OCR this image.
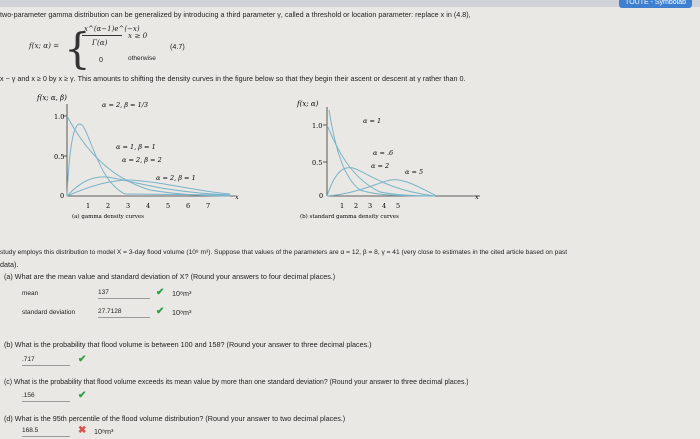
TOUTE - Symbolab
two-parameter gamma distribution can be generalized by introducing a third parameter γ, called a threshold or location parameter: replace x in (4.8),
f(x; α) = {
x^(α−1)e^(−x)
Γ(α)
x ≥ 0
0	otherwise
(4.7)
x − γ and x ≥ 0 by x ≥ γ. This amounts to shifting the density curves in the figure below so that they begin their ascent or descent at γ rather than 0.
f(x; α, β)
1.0
0.5
0
1 2 3 4 5 6 7
x
α = 2, β = 1/3
α = 1, β = 1
α = 2, β = 2
α = 2, β = 1
(a) gamma density curves
f(x; α)
1.0
0.5
0
1 2 3 4 5
x
α = 1
α = .6
α = 2
α = 5
(b) standard gamma density curves
study employs this distribution to model X = 3-day flood volume (10⁸ m³). Suppose that values of the parameters are α = 12, β = 8, γ = 41 (very close to estimates in the cited article based on past
data).
(a) What are the mean value and standard deviation of X? (Round your answers to four decimal places.)
mean	137	✔ 10⁸m³
standard deviation	27.7128	✔ 10⁸m³
(b) What is the probability that flood volume is between 100 and 158? (Round your answer to three decimal places.)
.717	✔
(c) What is the probability that flood volume exceeds its mean value by more than one standard deviation? (Round your answer to three decimal places.)
.156	✔
(d) What is the 95th percentile of the flood volume distribution? (Round your answer to two decimal places.)
168.5	✖ 10⁸m³
